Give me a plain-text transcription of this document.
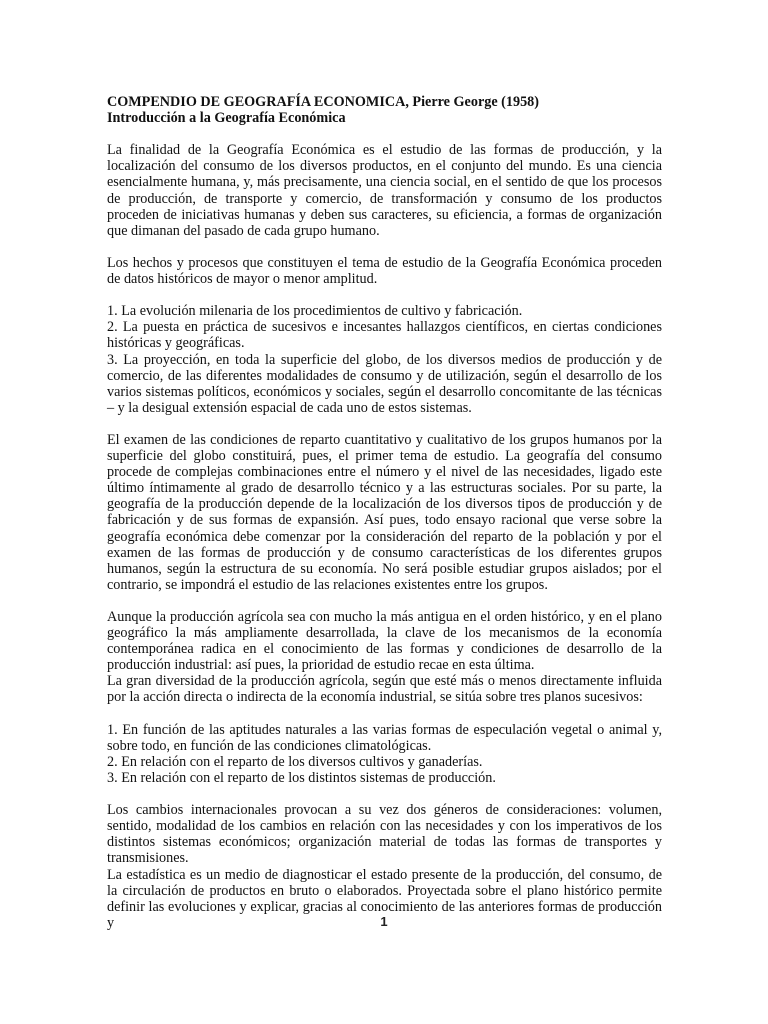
COMPENDIO DE GEOGRAFÍA ECONOMICA, Pierre George (1958)

Introducción a la Geografía Económica

La finalidad de la Geografía Económica es el estudio de las formas de producción, y la localización del consumo de los diversos productos, en el conjunto del mundo. Es una ciencia esencialmente humana, y, más precisamente, una ciencia social, en el sentido de que los procesos de producción, de transporte y comercio, de transformación y consumo de los productos proceden de iniciativas humanas y deben sus caracteres, su eficiencia, a formas de organización que dimanan del pasado de cada grupo humano.

Los hechos y procesos que constituyen el tema de estudio de la Geografía Económica proceden de datos históricos de mayor o menor amplitud.

1. La evolución milenaria de los procedimientos de cultivo y fabricación.

2. La puesta en práctica de sucesivos e incesantes hallazgos científicos, en ciertas condiciones históricas y geográficas.

3. La proyección, en toda la superficie del globo, de los diversos medios de producción y de comercio, de las diferentes modalidades de consumo y de utilización, según el desarrollo de los varios sistemas políticos, económicos y sociales, según el desarrollo concomitante de las técnicas – y la desigual extensión espacial de cada uno de estos sistemas.

El examen de las condiciones de reparto cuantitativo y cualitativo de los grupos humanos por la superficie del globo constituirá, pues, el primer tema de estudio. La geografía del consumo procede de complejas combinaciones entre el número y el nivel de las necesidades, ligado este último íntimamente al grado de desarrollo técnico y a las estructuras sociales. Por su parte, la geografía de la producción depende de la localización de los diversos tipos de producción y de fabricación y de sus formas de expansión. Así pues, todo ensayo racional que verse sobre la geografía económica debe comenzar por la consideración del reparto de la población y por el examen de las formas de producción y de consumo características de los diferentes grupos humanos, según la estructura de su economía. No será posible estudiar grupos aislados; por el contrario, se impondrá el estudio de las relaciones existentes entre los grupos.

Aunque la producción agrícola sea con mucho la más antigua en el orden histórico, y en el plano geográfico la más ampliamente desarrollada, la clave de los mecanismos de la economía contemporánea radica en el conocimiento de las formas y condiciones de desarrollo de la producción industrial: así pues, la prioridad de estudio recae en esta última.

La gran diversidad de la producción agrícola, según que esté más o menos directamente influida por la acción directa o indirecta de la economía industrial, se sitúa sobre tres planos sucesivos:

1. En función de las aptitudes naturales a las varias formas de especulación vegetal o animal y, sobre todo, en función de las condiciones climatológicas.

2. En relación con el reparto de los diversos cultivos y ganaderías.

3. En relación con el reparto de los distintos sistemas de producción.

Los cambios internacionales provocan a su vez dos géneros de consideraciones: volumen, sentido, modalidad de los cambios en relación con las necesidades y con los imperativos de los distintos sistemas económicos; organización material de todas las formas de transportes y transmisiones.

La estadística es un medio de diagnosticar el estado presente de la producción, del consumo, de la circulación de productos en bruto o elaborados. Proyectada sobre el plano histórico permite definir las evoluciones y explicar, gracias al conocimiento de las anteriores formas de producción y	1
